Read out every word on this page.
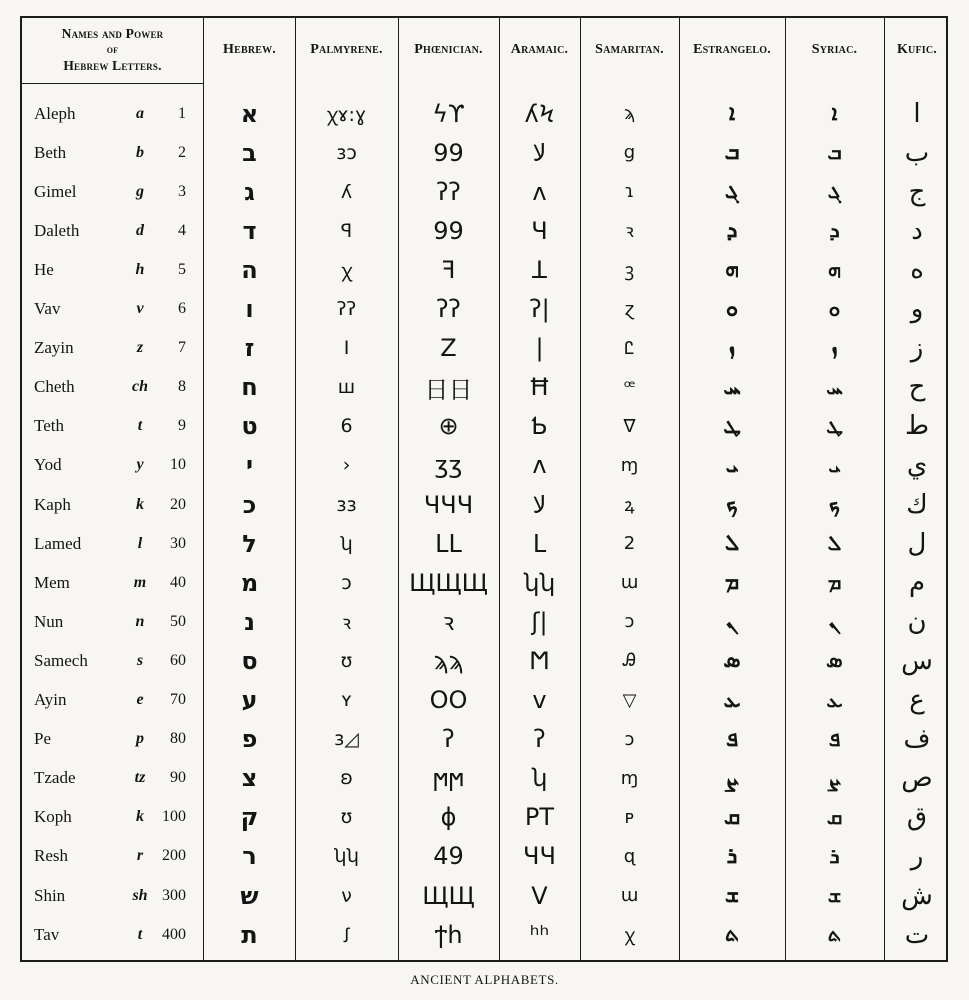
Names and Power
of
Hebrew Letters.
Hebrew.	Palmyrene.	Phœnician.	Aramaic.	Samaritan.	Estrangelo.	Syriac.	Kufic.
Aleph	a	1	א	ꭓɤ꞉ɣ	ϟϒ	ʎϞ	ϡ	ܐ	ܐ	ا
Beth	b	2	ב	ɜɔ	99	ﻻ	ց	ܒ	ܒ	ب
Gimel	g	3	ג	ʎ	ʔʔ	ʌ	ɿ	ܓ	ܓ	ج
Daleth	d	4	ד	ꟼ	99	Ч	ꝛ	ܕ	ܕ	د
He	h	5	ה	ꭓ	ꟻ	ꓕ	ꝫ	ܗ	ܗ	ه
Vav	v	6	ו	ʔʔ	ʔʔ	ʔ|	ɀ	ܘ	ܘ	و
Zayin	z	7	ז	I	Z	|	Ꮭ	ܙ	ܙ	ز
Cheth	ch	8	ח	ꟺ	日日	Ħ	ꟹ	ܚ	ܚ	ح
Teth	t	9	ט	6	⊕	Ƅ	∇	ܛ	ܛ	ط
Yod	y	10	י	›	ʒʒ	ʌ	ɱ	ܝ	ܝ	ي
Kaph	k	20	כ	ɜɜ	ЧЧЧ	ﻻ	ꝝ	ܟ	ܟ	ك
Lamed	l	30	ל	ʮ	ᒪᒪ	ᒪ	2	ܠ	ܠ	ل
Mem	m	40	מ	ɔ	ЩЩЩ	ʮʮ	ɯ	ܡ	ܡ	م
Nun	n	50	נ	ꝛ	ꝛ	ʃ|	ɔ	ܢ	ܢ	ن
Samech	s	60	ס	ʊ	ϡϡ	Ϻ	Ꭿ	ܣ	ܣ	س
Ayin	e	70	ע	ʏ	OO	v	▽	ܥ	ܥ	ع
Pe	p	80	פ	ɜ◿	ʔ	ʔ	ɔ	ܦ	ܦ	ف
Tzade	tz	90	צ	ʚ	ϻϻ	ʮ	ɱ	ܨ	ܨ	ص
Koph	k	100	ק	ʊ	ϕ	PT	ᴘ	ܩ	ܩ	ق
Resh	r	200	ר	ʮʮ	49	ЧЧ	ɋ	ܪ	ܪ	ر
Shin	sh 300	ש	ν	ЩЩ	V	ɯ	ܫ	ܫ	ش
Tav	t	400	ת	ꭍ	ϯh	ʰʰ	ꭓ	ܬ	ܬ	ت
ANCIENT ALPHABETS.
